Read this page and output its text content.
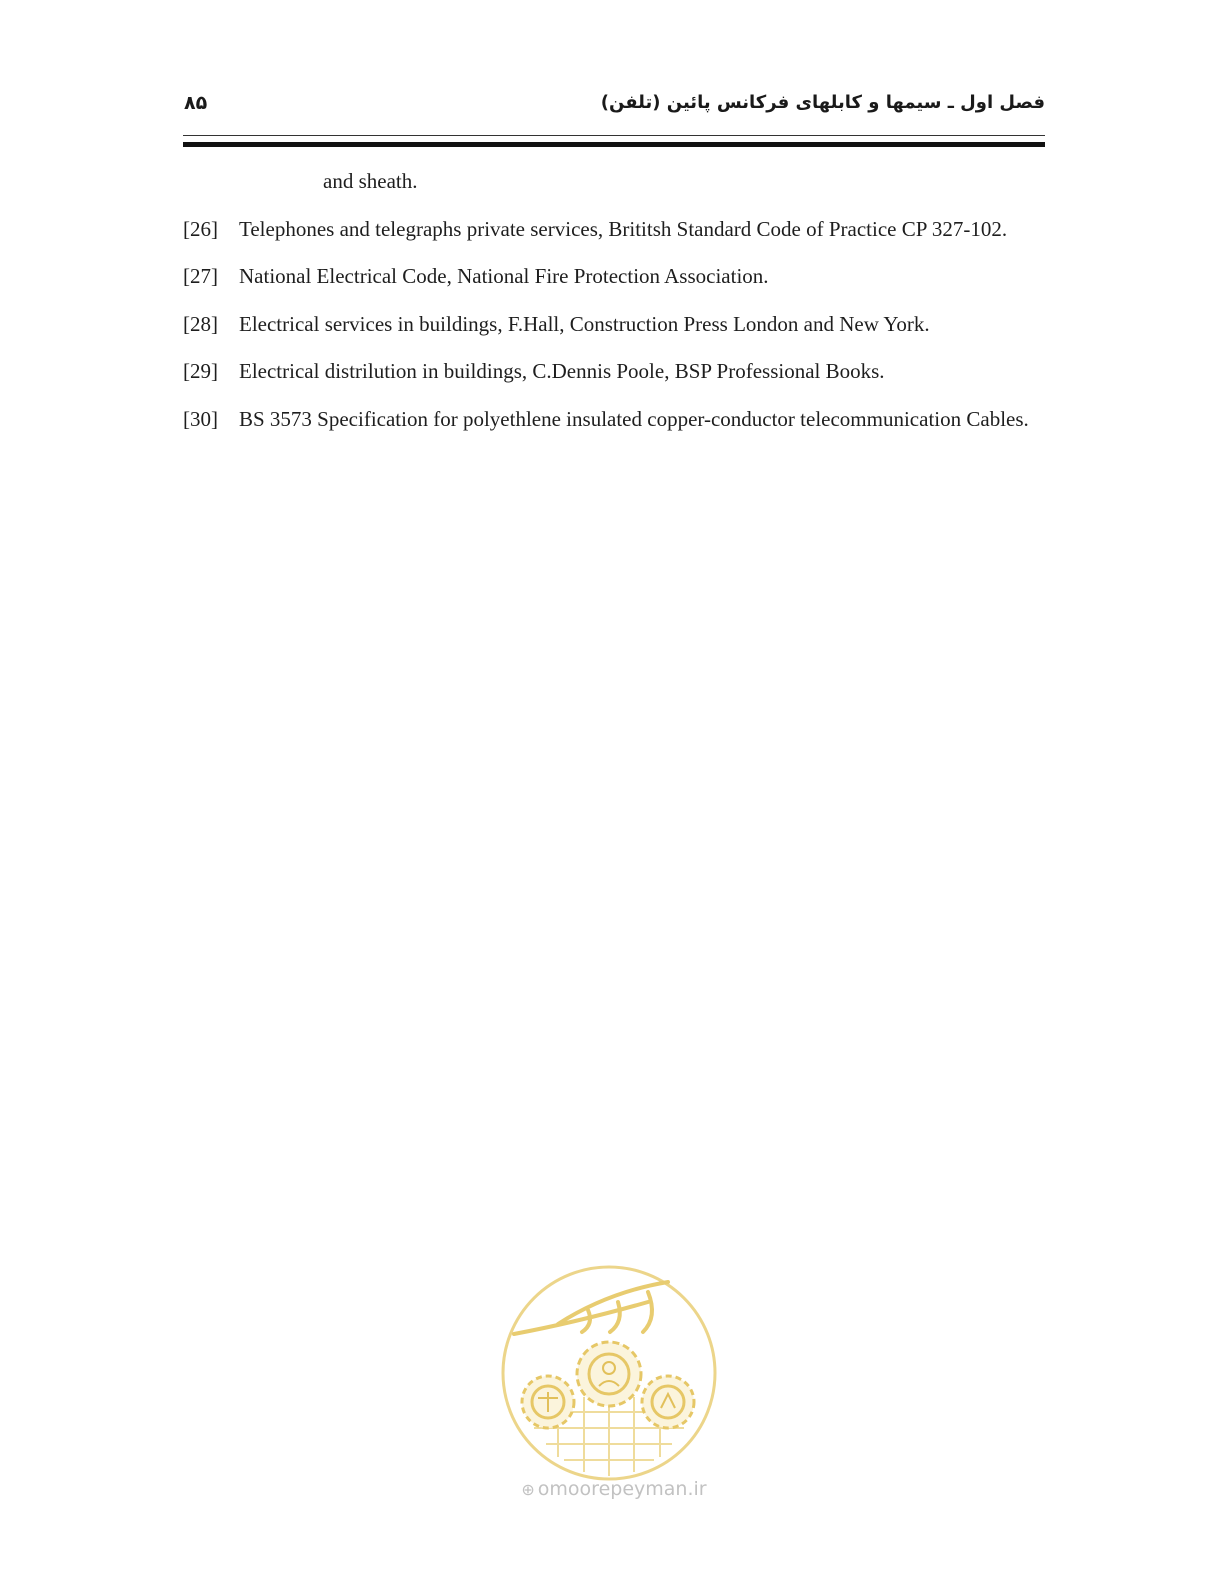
۸۵	فصل اول ـ سیمها و کابلهای فرکانس پائین (تلفن)
and sheath.
[26]	Telephones and telegraphs private services, Brititsh Standard Code of Practice CP 327-102.
[27]	National Electrical Code, National Fire Protection Association.
[28]	Electrical services in buildings, F.Hall, Construction Press London and New York.
[29]	Electrical distrilution in buildings, C.Dennis Poole, BSP Professional Books.
[30]	BS 3573 Specification for polyethlene insulated copper-conductor telecommunication Cables.
⊕ omoorepeyman.ir
